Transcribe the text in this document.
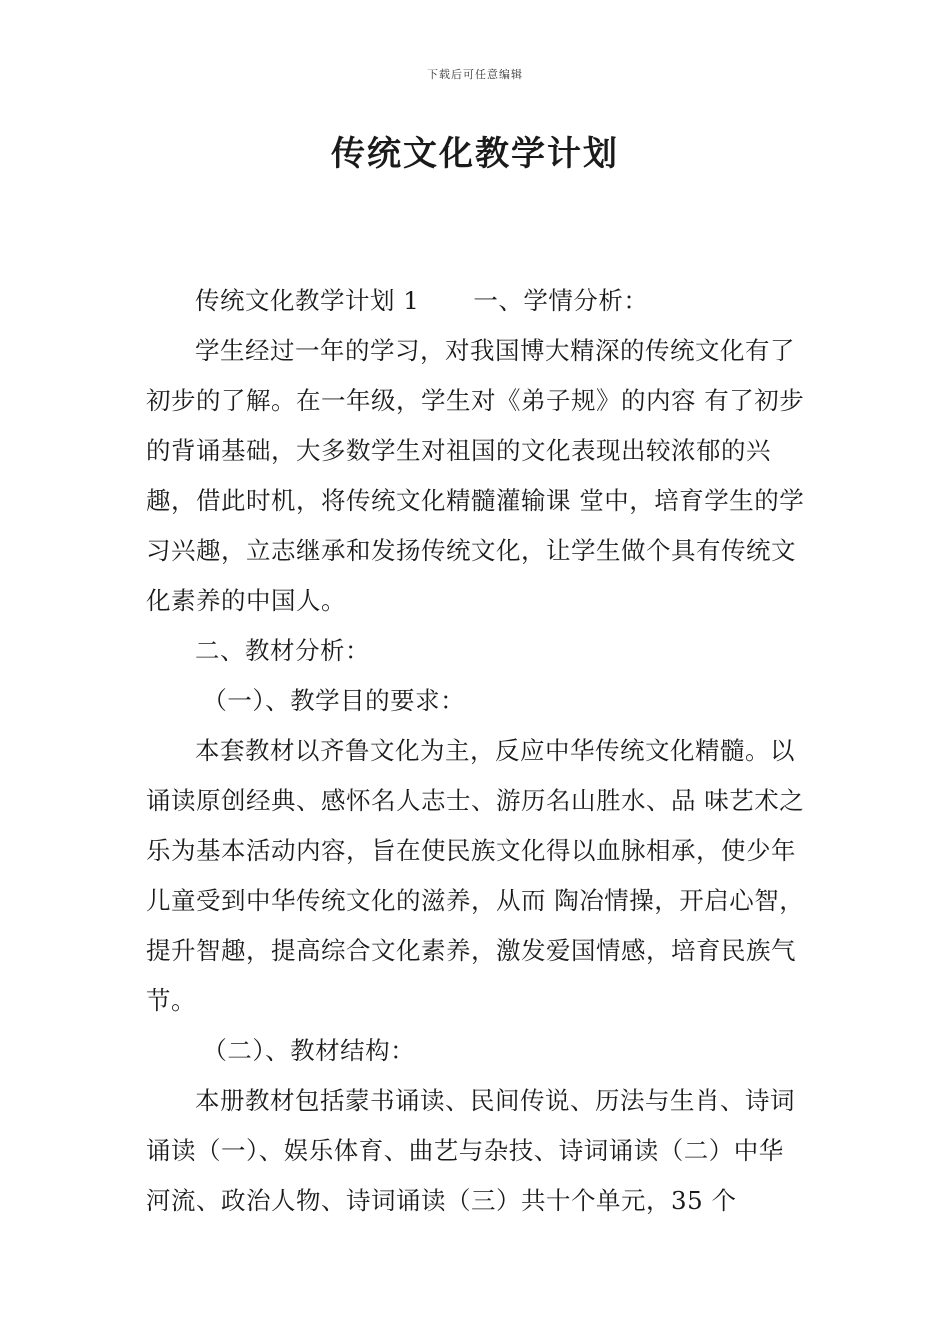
下载后可任意编辑
传统文化教学计划

传统文化教学计划 1 一、学情分析：

学生经过一年的学习，对我国博大精深的传统文化有了初步的了解。在一年级，学生对《弟子规》的内容 有了初步的背诵基础，大多数学生对祖国的文化表现出较浓郁的兴趣，借此时机，将传统文化精髓灌输课 堂中，培育学生的学习兴趣，立志继承和发扬传统文化，让学生做个具有传统文化素养的中国人。

二、教材分析：

（一）、教学目的要求：

本套教材以齐鲁文化为主，反应中华传统文化精髓。以诵读原创经典、感怀名人志士、游历名山胜水、品 味艺术之乐为基本活动内容，旨在使民族文化得以血脉相承，使少年儿童受到中华传统文化的滋养，从而 陶冶情操，开启心智，提升智趣，提高综合文化素养，激发爱国情感，培育民族气节。

（二）、教材结构：

本册教材包括蒙书诵读、民间传说、历法与生肖、诗词诵读（一）、娱乐体育、曲艺与杂技、诗词诵读（二）中华河流、政治人物、诗词诵读（三）共十个单元，35 个
